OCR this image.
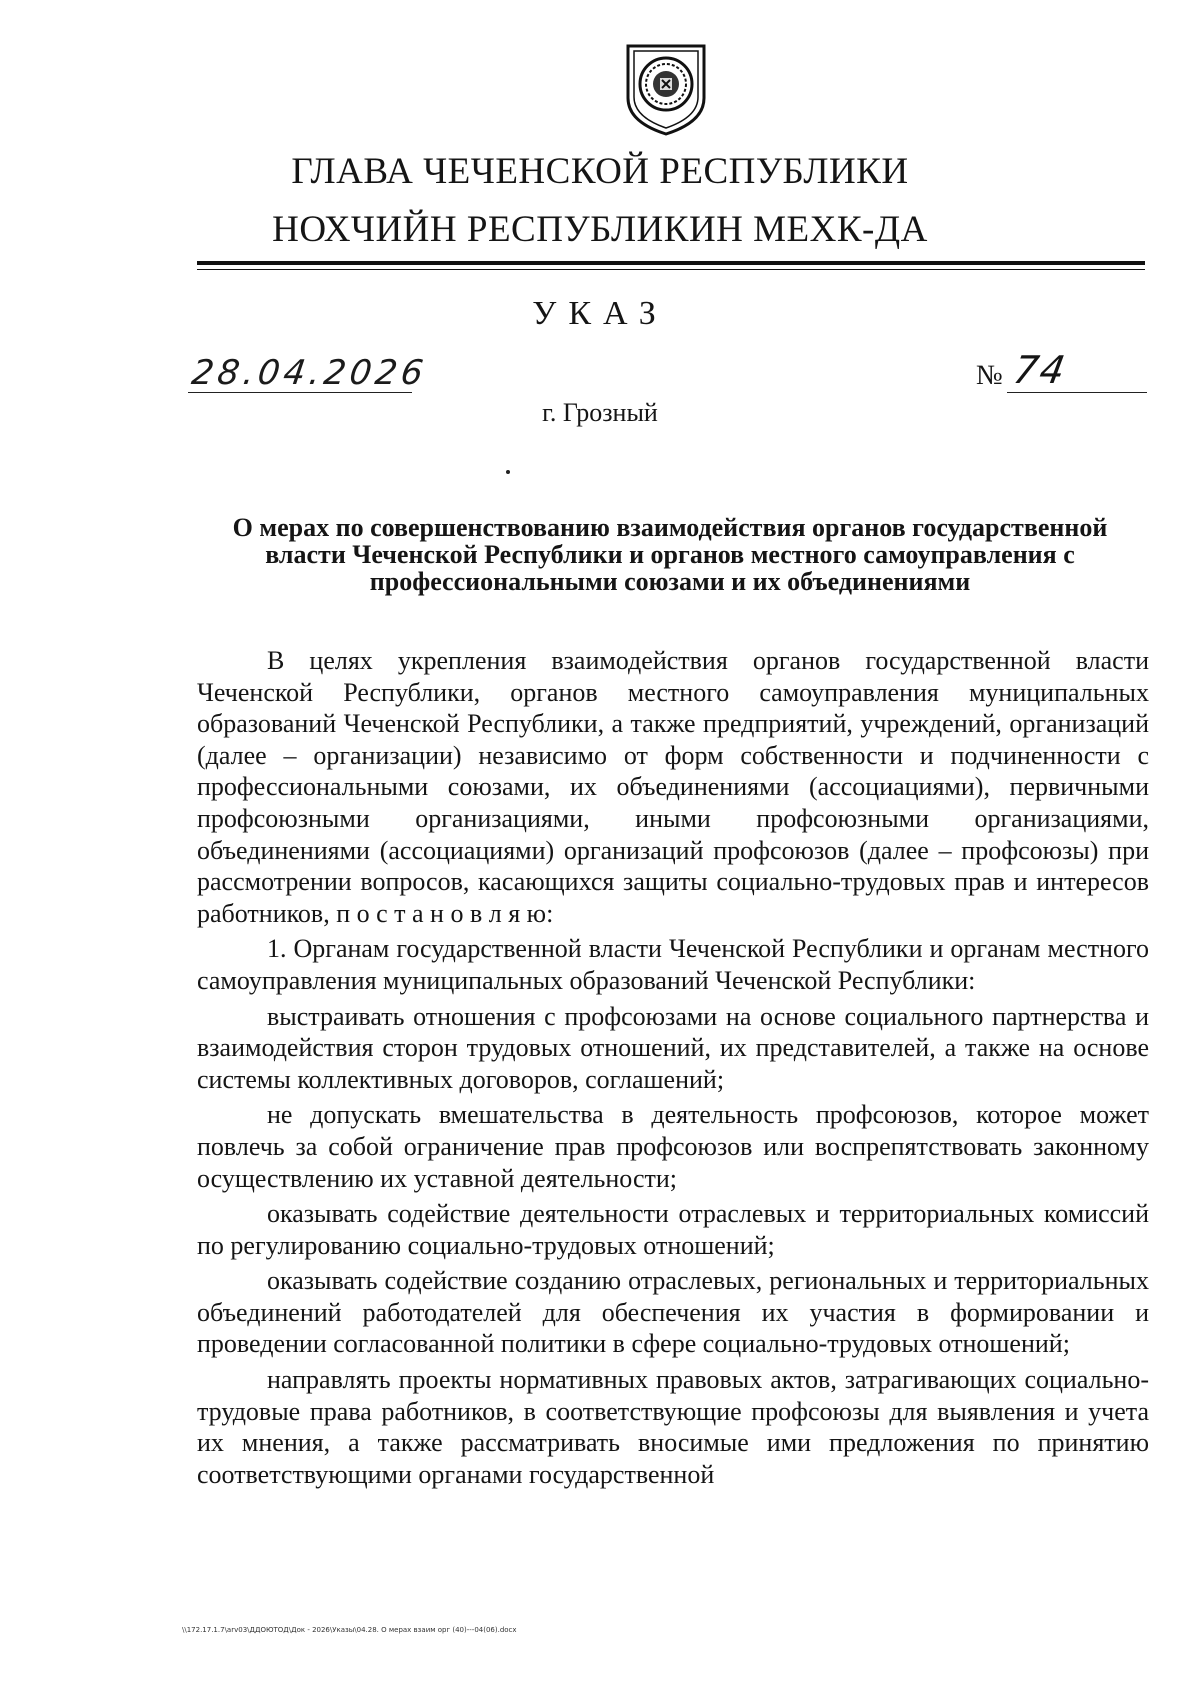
ГЛАВА ЧЕЧЕНСКОЙ РЕСПУБЛИКИ
НОХЧИЙН РЕСПУБЛИКИН МЕХК-ДА
УКАЗ
28.04.2026	№ 74
г. Грозный
О мерах по совершенствованию взаимодействия органов государственной власти Чеченской Республики и органов местного самоуправления с профессиональными союзами и их объединениями

В целях укрепления взаимодействия органов государственной власти Чеченской Республики, органов местного самоуправления муниципальных образований Чеченской Республики, а также предприятий, учреждений, организаций (далее – организации) независимо от форм собственности и подчиненности с профессиональными союзами, их объединениями (ассоциациями), первичными профсоюзными организациями, иными профсоюзными организациями, объединениями (ассоциациями) организаций профсоюзов (далее – профсоюзы) при рассмотрении вопросов, касающихся защиты социально-трудовых прав и интересов работников, п о с т а н о в л я ю:

1. Органам государственной власти Чеченской Республики и органам местного самоуправления муниципальных образований Чеченской Республики:

выстраивать отношения с профсоюзами на основе социального партнерства и взаимодействия сторон трудовых отношений, их представителей, а также на основе системы коллективных договоров, соглашений;

не допускать вмешательства в деятельность профсоюзов, которое может повлечь за собой ограничение прав профсоюзов или воспрепятствовать законному осуществлению их уставной деятельности;

оказывать содействие деятельности отраслевых и территориальных комиссий по регулированию социально-трудовых отношений;

оказывать содействие созданию отраслевых, региональных и территориальных объединений работодателей для обеспечения их участия в формировании и проведении согласованной политики в сфере социально-трудовых отношений;

направлять проекты нормативных правовых актов, затрагивающих социально-трудовые права работников, в соответствующие профсоюзы для выявления и учета их мнения, а также рассматривать вносимые ими предложения по принятию соответствующими органами государственной

\\172.17.1.7\arv03\ДДОЮТОД\Док - 2026\Указы\04.28. О мерах взаим орг (40)---04(06).docx
